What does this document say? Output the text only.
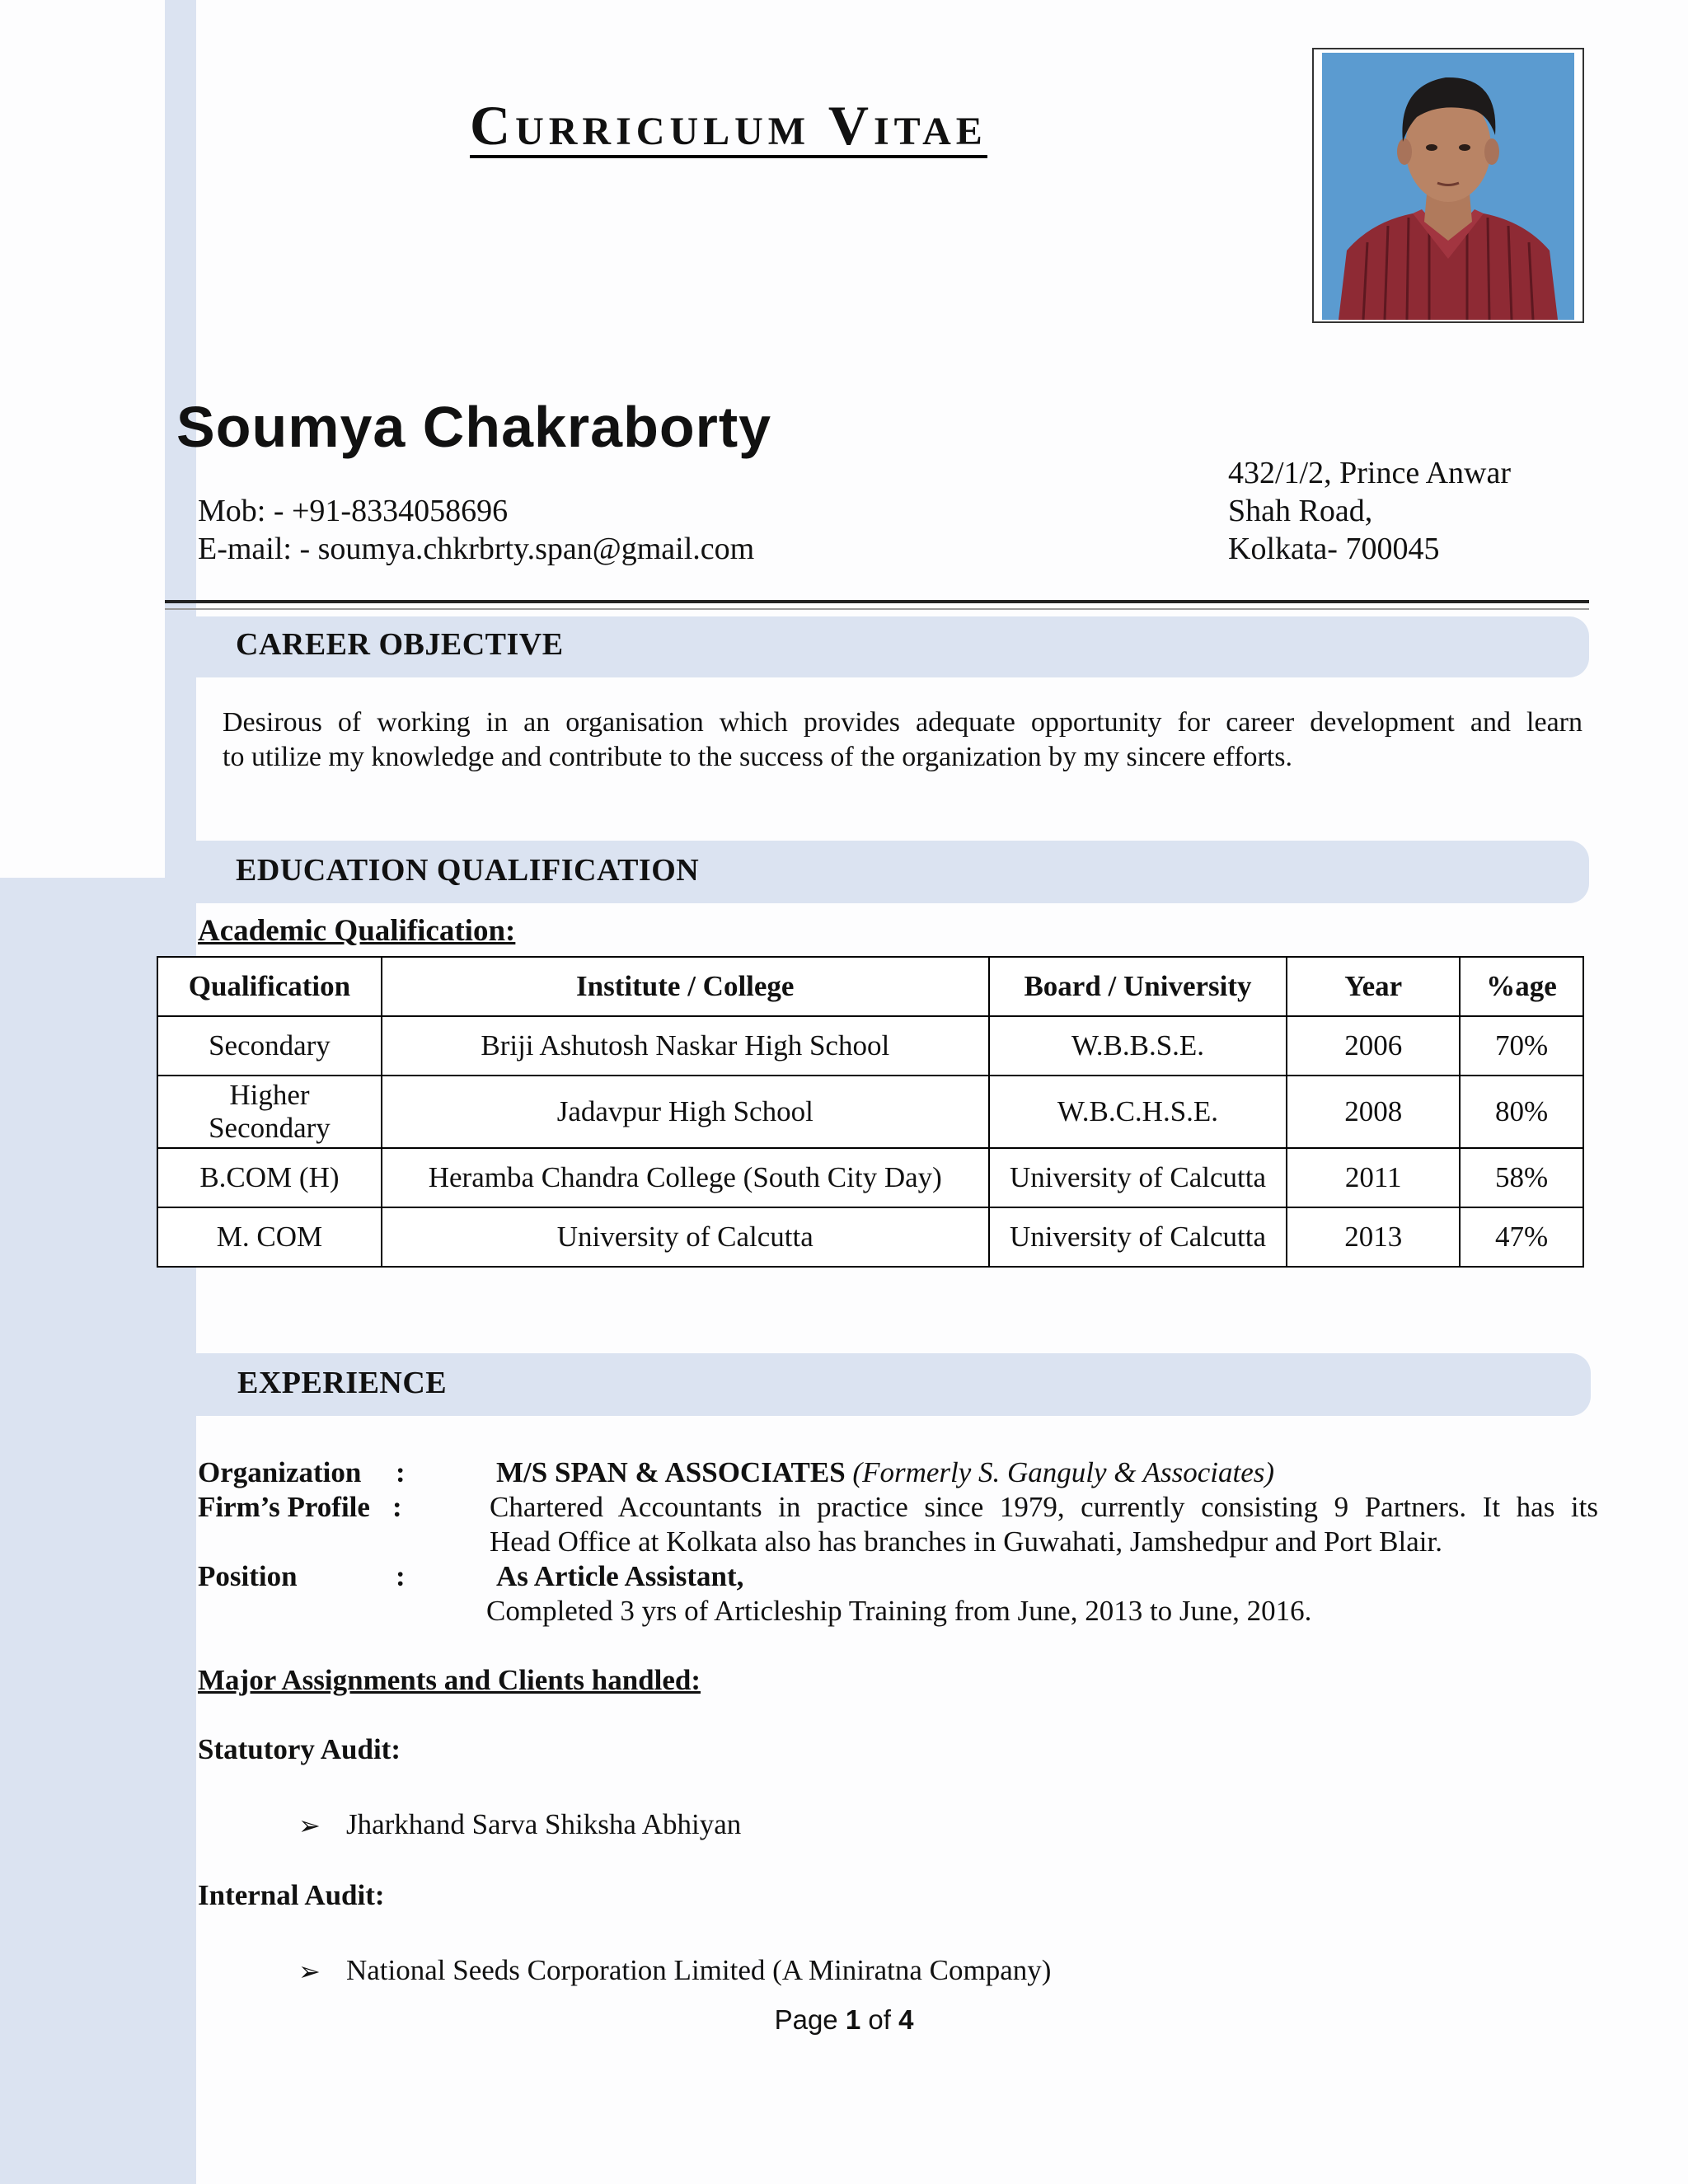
Curriculum Vitae
Soumya Chakraborty
Mob: - +91-8334058696
E-mail: - soumya.chkrbrty.span@gmail.com
432/1/2, Prince Anwar
Shah Road,
Kolkata- 700045
CAREER OBJECTIVE
Desirous of working in an organisation which provides adequate opportunity for career development and learn
to utilize my knowledge and contribute to the success of the organization by my sincere efforts.
EDUCATION QUALIFICATION
Academic Qualification:
Qualification	Institute / College	Board / University	Year	%age
Secondary	Briji Ashutosh Naskar High School	W.B.B.S.E.	2006	70%
Higher Secondary	Jadavpur High School	W.B.C.H.S.E.	2008	80%
B.COM (H)	Heramba Chandra College (South City Day)	University of Calcutta	2011	58%
M. COM	University of Calcutta	University of Calcutta	2013	47%
EXPERIENCE
Organization :	M/S SPAN & ASSOCIATES (Formerly S. Ganguly & Associates)
Firm’s Profile :	Chartered Accountants in practice since 1979, currently consisting 9 Partners. It has its
Head Office at Kolkata also has branches in Guwahati, Jamshedpur and Port Blair.
Position	:	As Article Assistant,
Completed 3 yrs of Articleship Training from June, 2013 to June, 2016.
Major Assignments and Clients handled:
Statutory Audit:
➢ Jharkhand Sarva Shiksha Abhiyan
Internal Audit:
➢ National Seeds Corporation Limited (A Miniratna Company)
Page 1 of 4
